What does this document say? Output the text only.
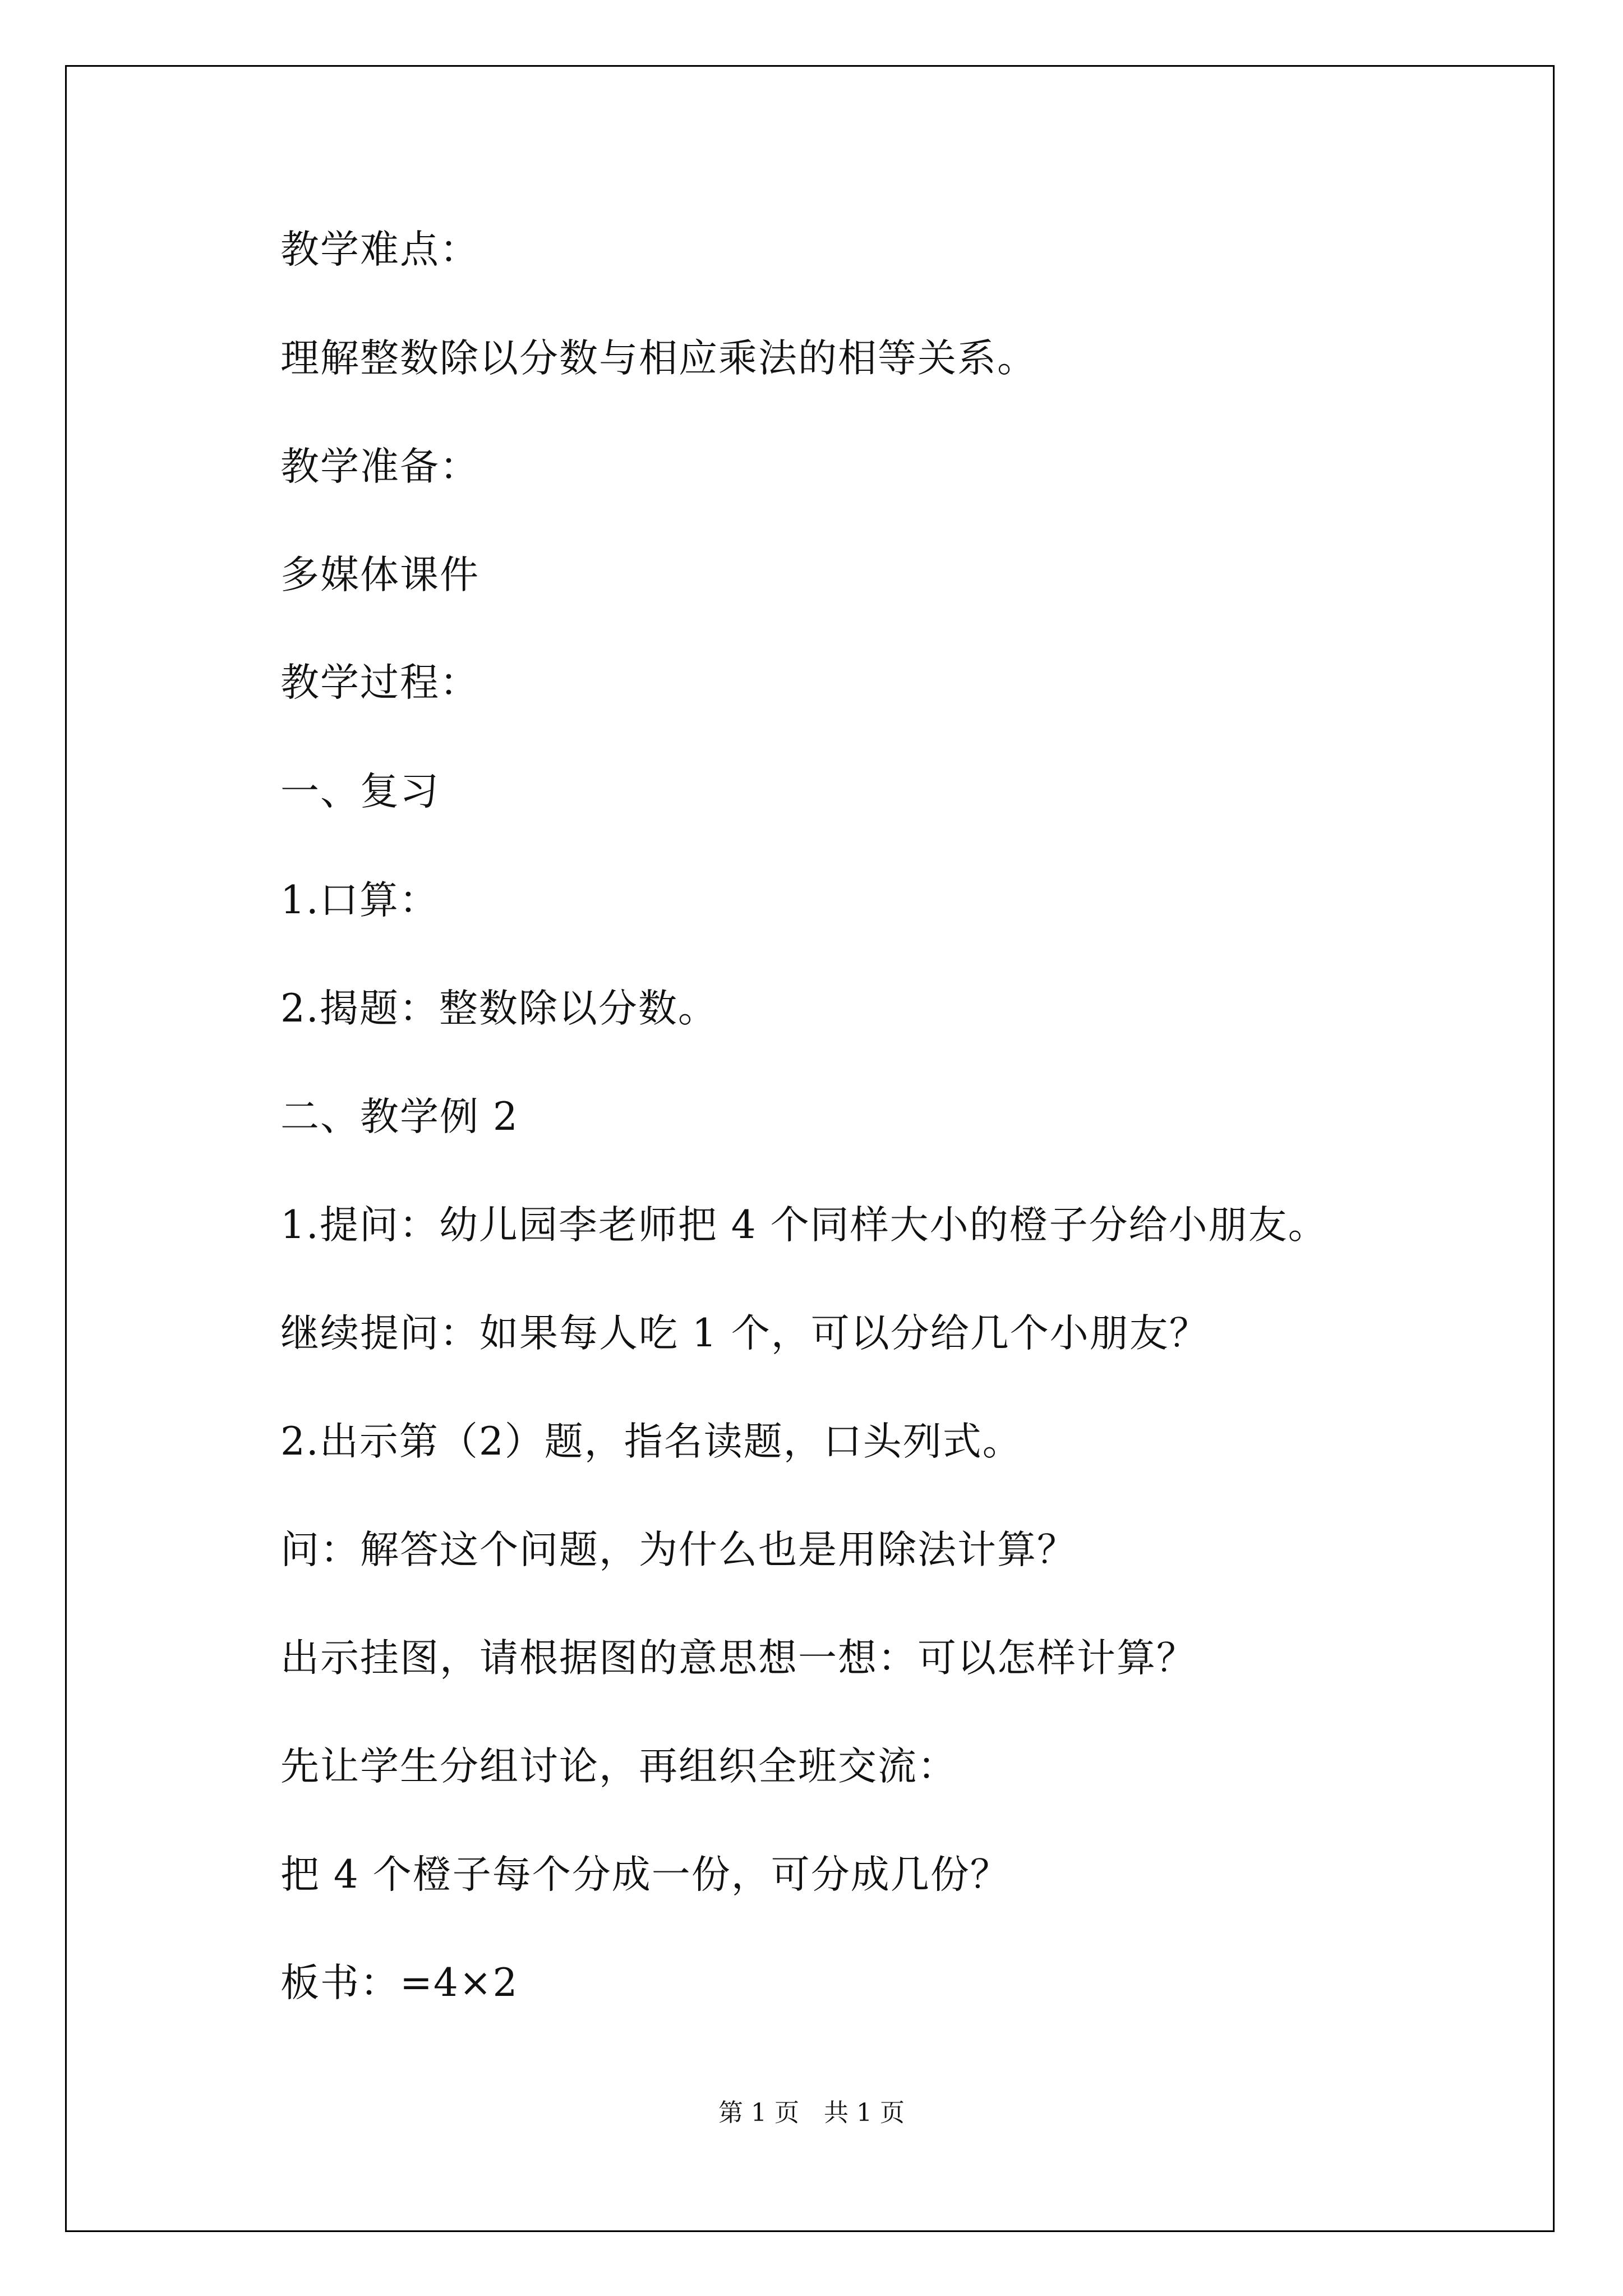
教学难点：
理解整数除以分数与相应乘法的相等关系。
教学准备：
多媒体课件
教学过程：
一、复习
1.口算：
2.揭题：整数除以分数。
二、教学例 2
1.提问：幼儿园李老师把 4 个同样大小的橙子分给小朋友。
继续提问：如果每人吃 1 个，可以分给几个小朋友？
2.出示第（2）题，指名读题，口头列式。
问：解答这个问题，为什么也是用除法计算？
出示挂图，请根据图的意思想一想：可以怎样计算？
先让学生分组讨论，再组织全班交流：
把 4 个橙子每个分成一份，可分成几份？
板书：=4×2
第 1 页　共 1 页
